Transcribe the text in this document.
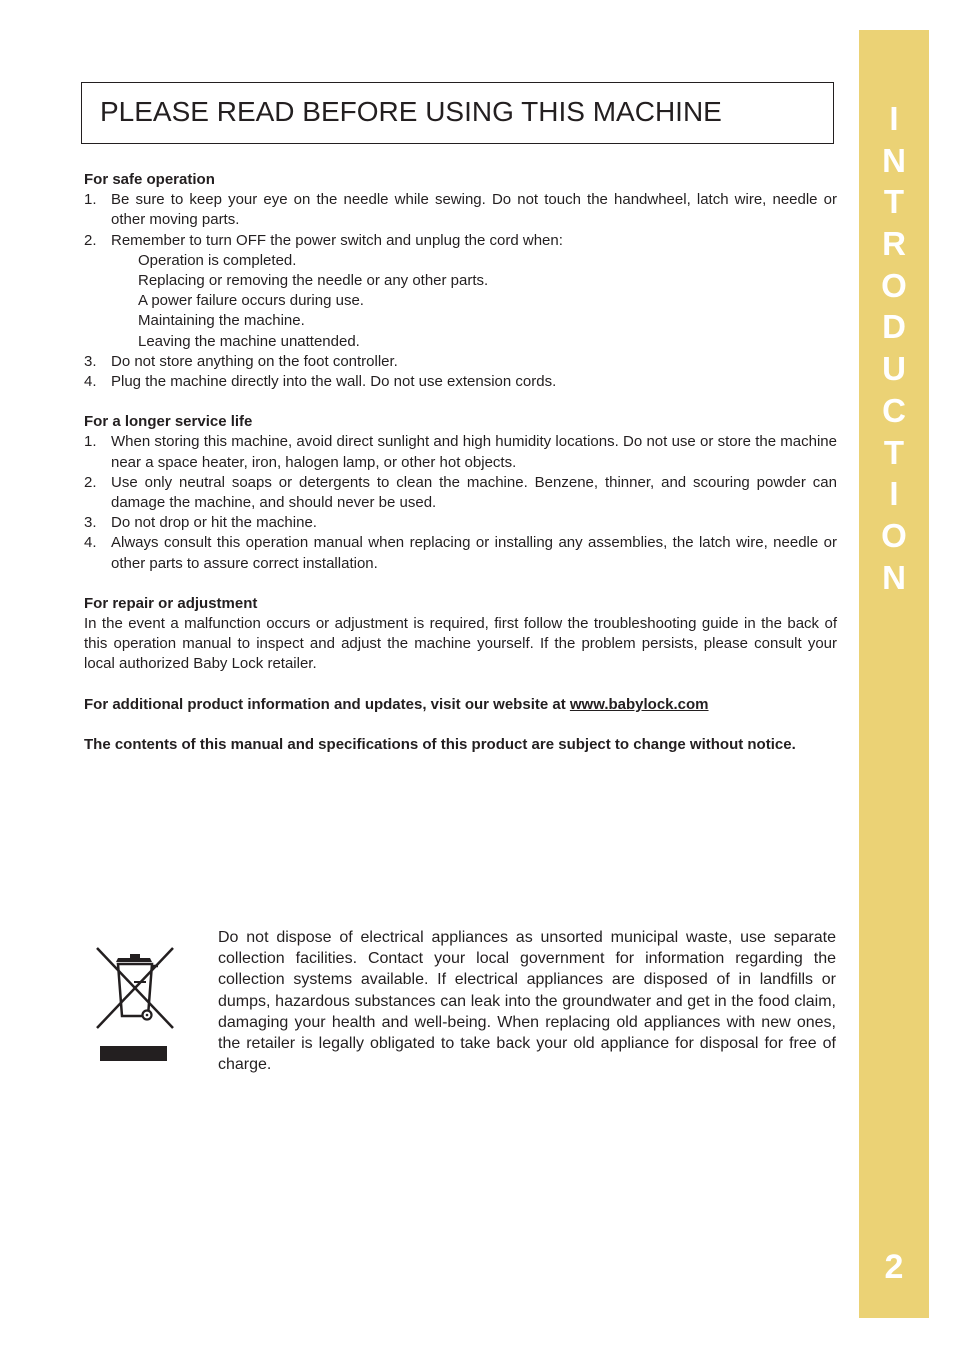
PLEASE READ BEFORE USING THIS MACHINE
For safe operation
1. Be sure to keep your eye on the needle while sewing. Do not touch the handwheel, latch wire, needle or other moving parts.
2. Remember to turn OFF the power switch and unplug the cord when:
Operation is completed.
Replacing or removing the needle or any other parts.
A power failure occurs during use.
Maintaining the machine.
Leaving the machine unattended.
3. Do not store anything on the foot controller.
4. Plug the machine directly into the wall. Do not use extension cords.
For a longer service life
1. When storing this machine, avoid direct sunlight and high humidity locations. Do not use or store the machine near a space heater, iron, halogen lamp, or other hot objects.
2. Use only neutral soaps or detergents to clean the machine. Benzene, thinner, and scouring powder can damage the machine, and should never be used.
3. Do not drop or hit the machine.
4. Always consult this operation manual when replacing or installing any assemblies, the latch wire, needle or other parts to assure correct installation.
For repair or adjustment

In the event a malfunction occurs or adjustment is required, first follow the troubleshooting guide in the back of this operation manual to inspect and adjust the machine yourself. If the problem persists, please consult your local authorized Baby Lock retailer.

For additional product information and updates, visit our website at www.babylock.com

The contents of this manual and specifications of this product are subject to change without notice.

Do not dispose of electrical appliances as unsorted municipal waste, use separate collection facilities. Contact your local government for information regarding the collection systems available. If electrical appliances are disposed of in landfills or dumps, hazardous substances can leak into the groundwater and get in the food claim, damaging your health and well-being. When replacing old appliances with new ones, the retailer is legally obligated to take back your old appliance for disposal for free of charge.

I
N
T
R
O
D
U
C
T
I
O
N
2
